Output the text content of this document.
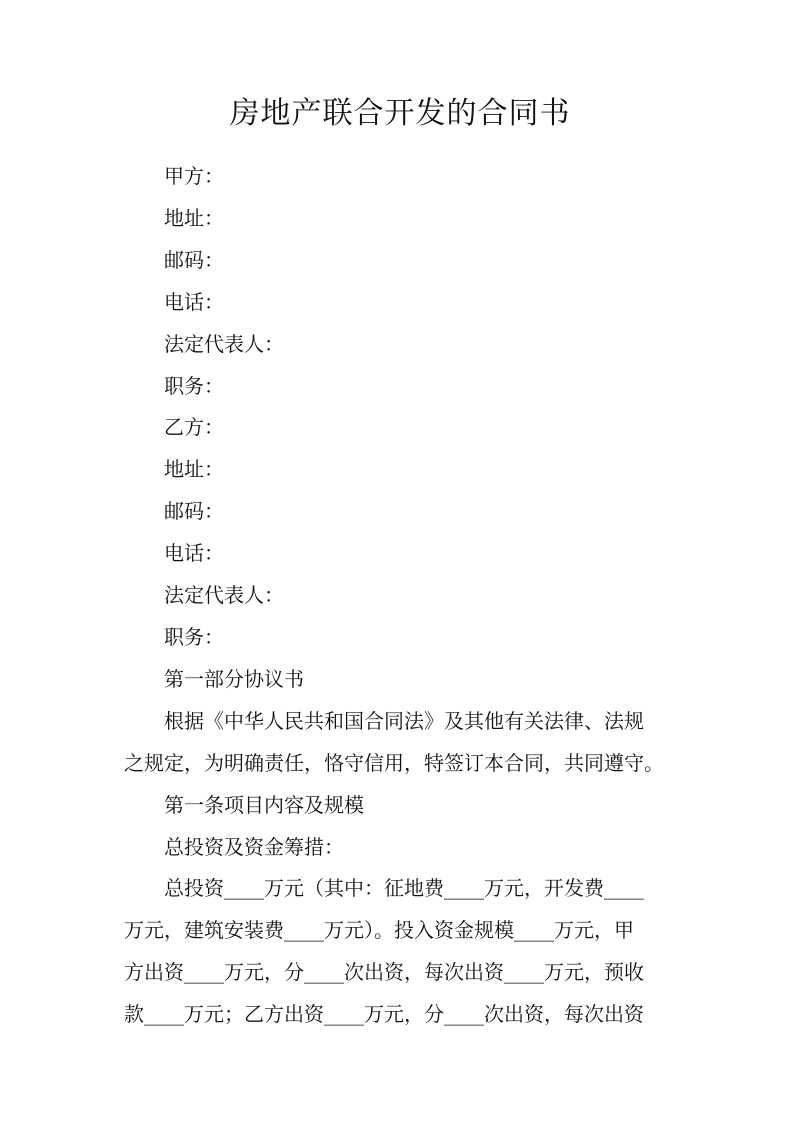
房地产联合开发的合同书

甲方：

地址：

邮码：

电话：

法定代表人：

职务：

乙方：

地址：

邮码：

电话：

法定代表人：

职务：

第一部分协议书

根据《中华人民共和国合同法》及其他有关法律、法规

之规定，为明确责任，恪守信用，特签订本合同，共同遵守。

第一条项目内容及规模

总投资及资金筹措：

总投资____万元（其中：征地费____万元，开发费____

万元，建筑安装费____万元）。投入资金规模____万元，甲

方出资____万元，分____次出资，每次出资____万元，预收

款____万元；乙方出资____万元，分____次出资，每次出资
